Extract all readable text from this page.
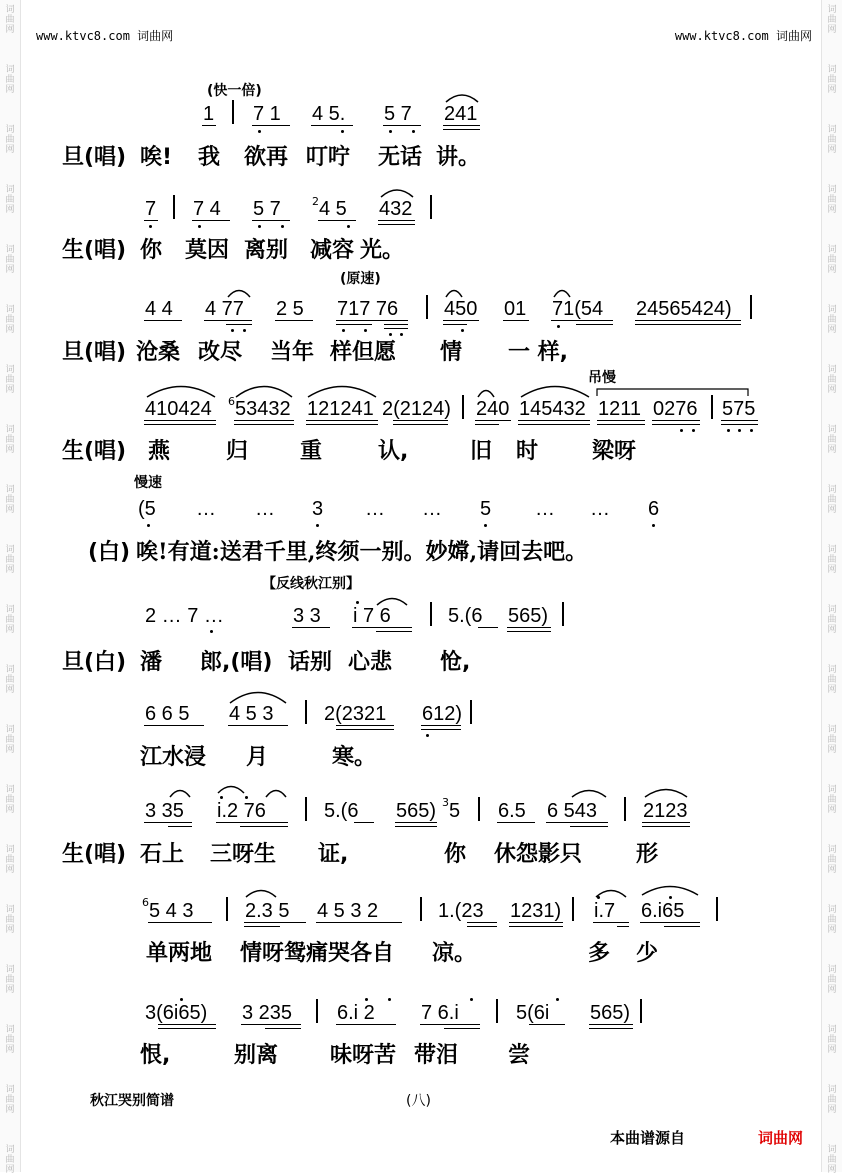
词
曲
网
词
曲
网
词
曲
网
词
曲
网
词
曲
网
词
曲
网
词
曲
网
词
曲
网
词
曲
网
词
曲
网
词
曲
网
词
曲
网
词
曲
网
词
曲
网
词
曲
网
词
曲
网
词
曲
网
词
曲
网
词
曲
网
词
曲
网
词
曲
网
词
曲
网
词
曲
网
词
曲
网
词
曲
网
词
曲
网
词
曲
网
词
曲
网
词
曲
网
词
曲
网
词
曲
网
词
曲
网
词
曲
网
词
曲
网
词
曲
网
词
曲
网
词
曲
网
词
曲
网
词
曲
网
词
曲
网
www.ktvc8.com 词曲网	www.ktvc8.com 词曲网
(快一倍)
1 7 1 4 5. 5 7 241
旦(唱) 唉! 我 欲再 叮咛 无话 讲。
7 7 4 5 7	2 4 5 432
生(唱) 你 莫因 离别 减容 光。
(原速)
4 4 4 77 2 5 717 76 450 01 71(54 24565424)
旦(唱) 沧桑 改尽 当年 样但愿 情 一 样,
吊慢
410424 6 53432 121241 2(2124) 240 145432 1211 0276 575
生(唱) 燕	归 重	认,	旧 时 梁呀
慢速
(5 … … 3 … … 5 … … 6
(白) 唉!有道:送君千里,终须一别。妙嫦,请回去吧。
【反线秋江别】
2 … 7 …	3 3 i 7 6	5.(6 565)
旦(白) 潘 郎,(唱) 话别 心悲 怆,
6 6 5 4 5 3	2(2321 612)
江水浸 月	寒。
3 35 i.2 76	5.(6 565) 3 5 6.5 6 543 2123
生(唱) 石上 三呀生 证,	你 休怨影只 形
6 5 4 3	2.3 5 4 5 3 2	1.(23 1231) i.7 6.i65
单两地 情呀鸳痛哭各自 凉。	多 少
3(6i65) 3 235 6.i 2 7 6.i	5(6i 565)
恨,	别离 味呀苦 带泪 尝
秋江哭别简谱	(八)
本曲谱源自	词曲网
